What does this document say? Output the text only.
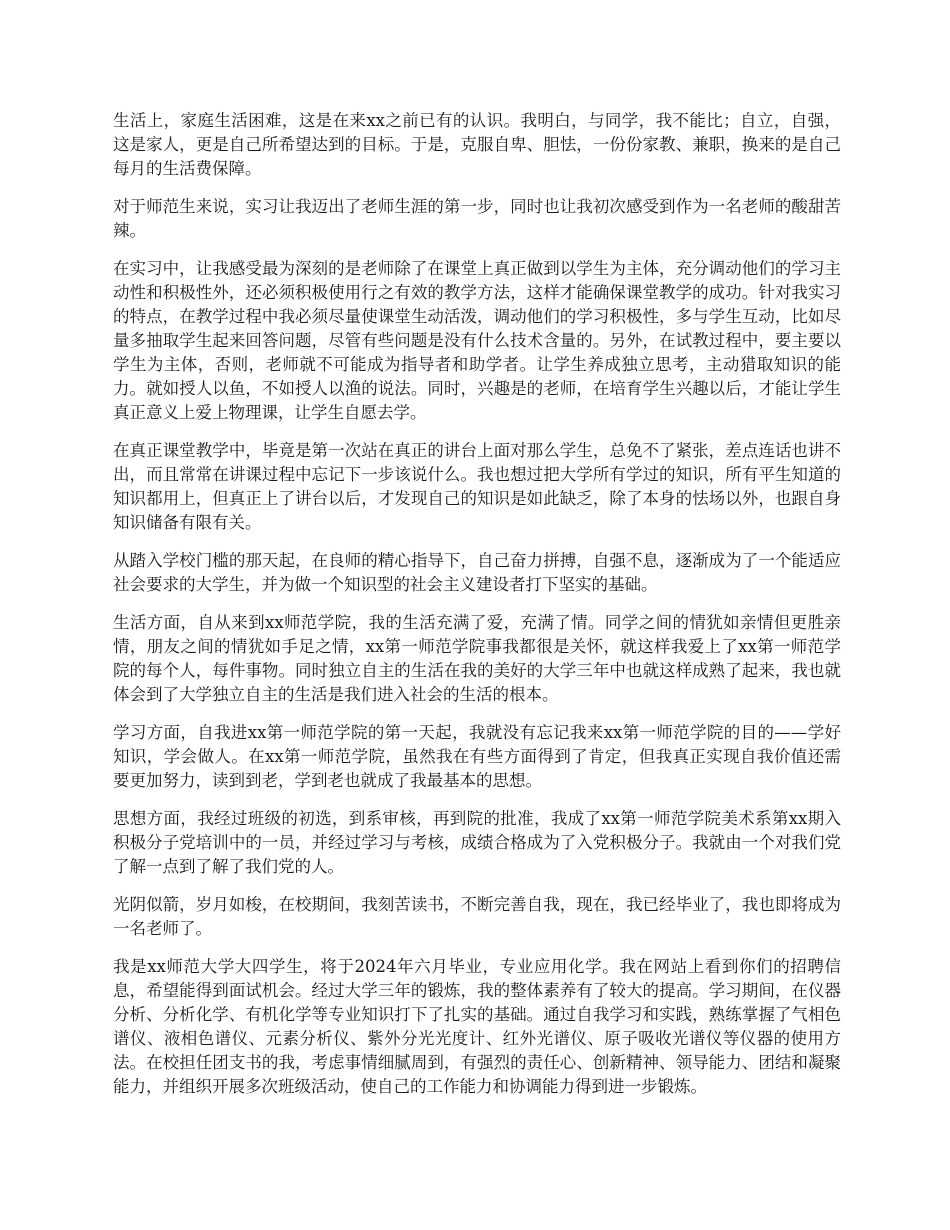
生活上，家庭生活困难，这是在来xx之前已有的认识。我明白，与同学，我不能比；自立，自强，这是家人，更是自己所希望达到的目标。于是，克服自卑、胆怯，一份份家教、兼职，换来的是自己每月的生活费保障。

对于师范生来说，实习让我迈出了老师生涯的第一步，同时也让我初次感受到作为一名老师的酸甜苦辣。

在实习中，让我感受最为深刻的是老师除了在课堂上真正做到以学生为主体，充分调动他们的学习主动性和积极性外，还必须积极使用行之有效的教学方法，这样才能确保课堂教学的成功。针对我实习的特点，在教学过程中我必须尽量使课堂生动活泼，调动他们的学习积极性，多与学生互动，比如尽量多抽取学生起来回答问题，尽管有些问题是没有什么技术含量的。另外，在试教过程中，要主要以学生为主体，否则，老师就不可能成为指导者和助学者。让学生养成独立思考，主动猎取知识的能力。就如授人以鱼，不如授人以渔的说法。同时，兴趣是的老师，在培育学生兴趣以后，才能让学生真正意义上爱上物理课，让学生自愿去学。

在真正课堂教学中，毕竟是第一次站在真正的讲台上面对那么学生，总免不了紧张，差点连话也讲不出，而且常常在讲课过程中忘记下一步该说什么。我也想过把大学所有学过的知识，所有平生知道的知识都用上，但真正上了讲台以后，才发现自己的知识是如此缺乏，除了本身的怯场以外，也跟自身知识储备有限有关。

从踏入学校门槛的那天起，在良师的精心指导下，自己奋力拼搏，自强不息，逐渐成为了一个能适应社会要求的大学生，并为做一个知识型的社会主义建设者打下坚实的基础。

生活方面，自从来到xx师范学院，我的生活充满了爱，充满了情。同学之间的情犹如亲情但更胜亲情，朋友之间的情犹如手足之情，xx第一师范学院事我都很是关怀，就这样我爱上了xx第一师范学院的每个人，每件事物。同时独立自主的生活在我的美好的大学三年中也就这样成熟了起来，我也就体会到了大学独立自主的生活是我们进入社会的生活的根本。

学习方面，自我进xx第一师范学院的第一天起，我就没有忘记我来xx第一师范学院的目的——学好知识，学会做人。在xx第一师范学院，虽然我在有些方面得到了肯定，但我真正实现自我价值还需要更加努力，读到到老，学到老也就成了我最基本的思想。

思想方面，我经过班级的初选，到系审核，再到院的批准，我成了xx第一师范学院美术系第xx期入积极分子党培训中的一员，并经过学习与考核，成绩合格成为了入党积极分子。我就由一个对我们党了解一点到了解了我们党的人。

光阴似箭，岁月如梭，在校期间，我刻苦读书，不断完善自我，现在，我已经毕业了，我也即将成为一名老师了。

我是xx师范大学大四学生，将于2024年六月毕业，专业应用化学。我在网站上看到你们的招聘信息，希望能得到面试机会。经过大学三年的锻炼，我的整体素养有了较大的提高。学习期间，在仪器分析、分析化学、有机化学等专业知识打下了扎实的基础。通过自我学习和实践，熟练掌握了气相色谱仪、液相色谱仪、元素分析仪、紫外分光光度计、红外光谱仪、原子吸收光谱仪等仪器的使用方法。在校担任团支书的我，考虑事情细腻周到，有强烈的责任心、创新精神、领导能力、团结和凝聚能力，并组织开展多次班级活动，使自己的工作能力和协调能力得到进一步锻炼。
